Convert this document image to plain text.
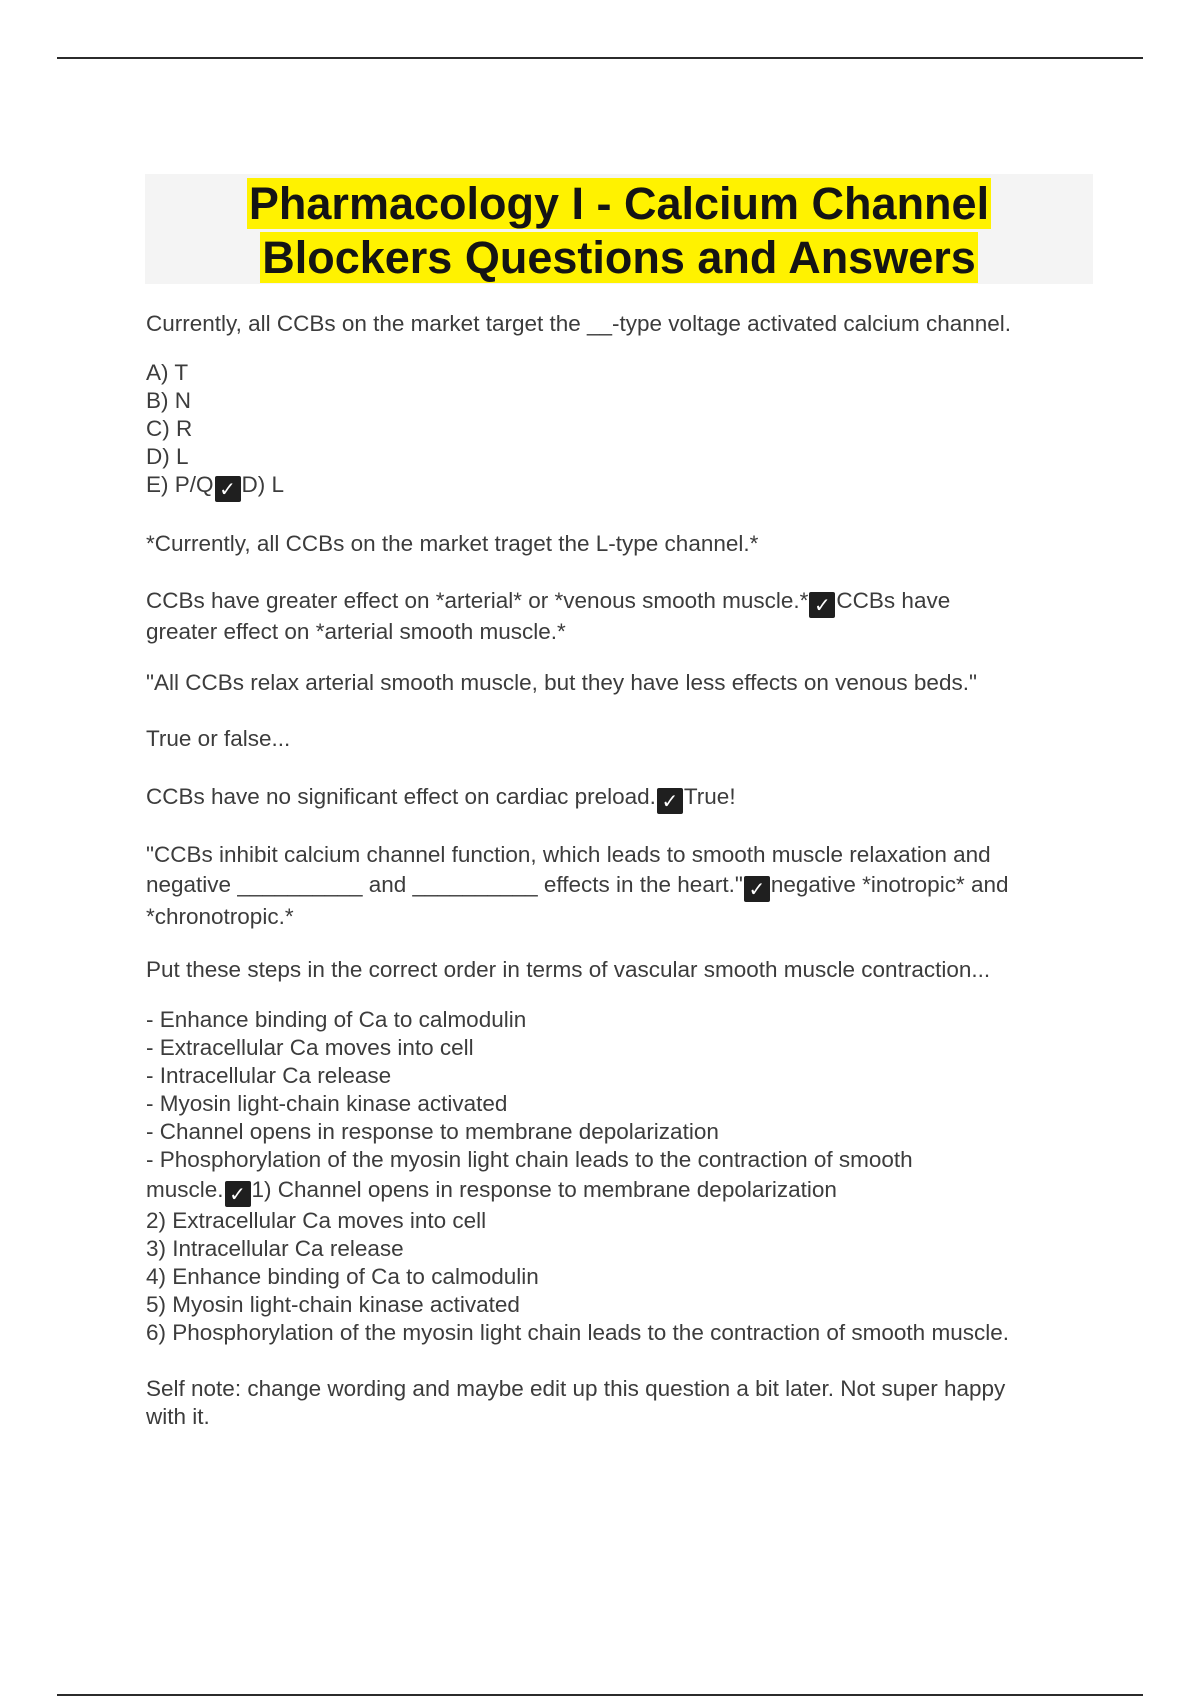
Pharmacology I - Calcium Channel
Blockers Questions and Answers

Currently, all CCBs on the market target the __-type voltage activated calcium channel.

A) T
B) N
C) R
D) L
E) P/Q ✓ D) L

*Currently, all CCBs on the market traget the L-type channel.*

CCBs have greater effect on *arterial* or *venous smooth muscle.* ✓ CCBs have
greater effect on *arterial smooth muscle.*

"All CCBs relax arterial smooth muscle, but they have less effects on venous beds."

True or false...

CCBs have no significant effect on cardiac preload. ✓ True!

"CCBs inhibit calcium channel function, which leads to smooth muscle relaxation and
negative __________ and __________ effects in the heart." ✓ negative *inotropic* and
*chronotropic.*

Put these steps in the correct order in terms of vascular smooth muscle contraction...

- Enhance binding of Ca to calmodulin
- Extracellular Ca moves into cell
- Intracellular Ca release
- Myosin light-chain kinase activated
- Channel opens in response to membrane depolarization
- Phosphorylation of the myosin light chain leads to the contraction of smooth
muscle. ✓ 1) Channel opens in response to membrane depolarization
2) Extracellular Ca moves into cell
3) Intracellular Ca release
4) Enhance binding of Ca to calmodulin
5) Myosin light-chain kinase activated
6) Phosphorylation of the myosin light chain leads to the contraction of smooth muscle.

Self note: change wording and maybe edit up this question a bit later. Not super happy
with it.
